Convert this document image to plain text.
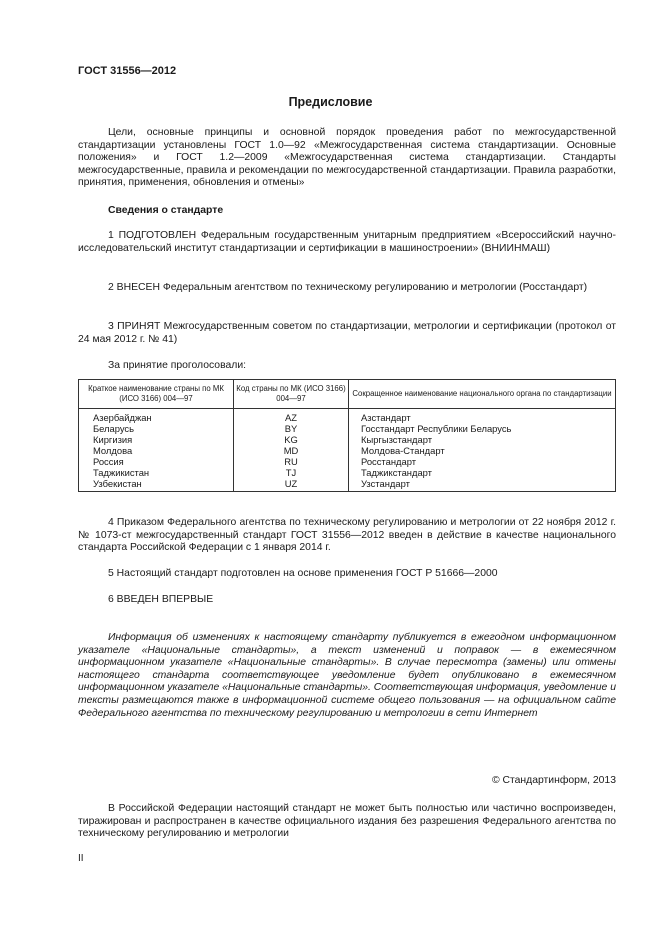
ГОСТ 31556—2012
Предисловие

Цели, основные принципы и основной порядок проведения работ по межгосударственной стандартизации установлены ГОСТ 1.0—92 «Межгосударственная система стандартизации. Основные положения» и ГОСТ 1.2—2009 «Межгосударственная система стандартизации. Стандарты межгосударственные, правила и рекомендации по межгосударственной стандартизации. Правила разработки, принятия, применения, обновления и отмены»

Сведения о стандарте

1 ПОДГОТОВЛЕН Федеральным государственным унитарным предприятием «Всероссийский научно-исследовательский институт стандартизации и сертификации в машиностроении» (ВНИИНМАШ)

2 ВНЕСЕН Федеральным агентством по техническому регулированию и метрологии (Росстандарт)

3 ПРИНЯТ Межгосударственным советом по стандартизации, метрологии и сертификации (протокол от 24 мая 2012 г. № 41)

За принятие проголосовали:
Краткое наименование страны по МК (ИСО 3166) 004—97	Код страны по МК (ИСО 3166) 004—97	Сокращенное наименование национального органа по стандартизации
Азербайджан	AZ	Азстандарт
Беларусь	BY	Госстандарт Республики Беларусь
Киргизия	KG	Кыргызстандарт
Молдова	MD	Молдова-Стандарт
Россия	RU	Росстандарт
Таджикистан	TJ	Таджикстандарт
Узбекистан	UZ	Узстандарт

4 Приказом Федерального агентства по техническому регулированию и метрологии от 22 ноября 2012 г. № 1073-ст межгосударственный стандарт ГОСТ 31556—2012 введен в действие в качестве национального стандарта Российской Федерации с 1 января 2014 г.

5 Настоящий стандарт подготовлен на основе применения ГОСТ Р 51666—2000

6 ВВЕДЕН ВПЕРВЫЕ

Информация об изменениях к настоящему стандарту публикуется в ежегодном информационном указателе «Национальные стандарты», а текст изменений и поправок — в ежемесячном информационном указателе «Национальные стандарты». В случае пересмотра (замены) или отмены настоящего стандарта соответствующее уведомление будет опубликовано в ежемесячном информационном указателе «Национальные стандарты». Соответствующая информация, уведомление и тексты размещаются также в информационной системе общего пользования — на официальном сайте Федерального агентства по техническому регулированию и метрологии в сети Интернет

© Стандартинформ, 2013

В Российской Федерации настоящий стандарт не может быть полностью или частично воспроизведен, тиражирован и распространен в качестве официального издания без разрешения Федерального агентства по техническому регулированию и метрологии

II
